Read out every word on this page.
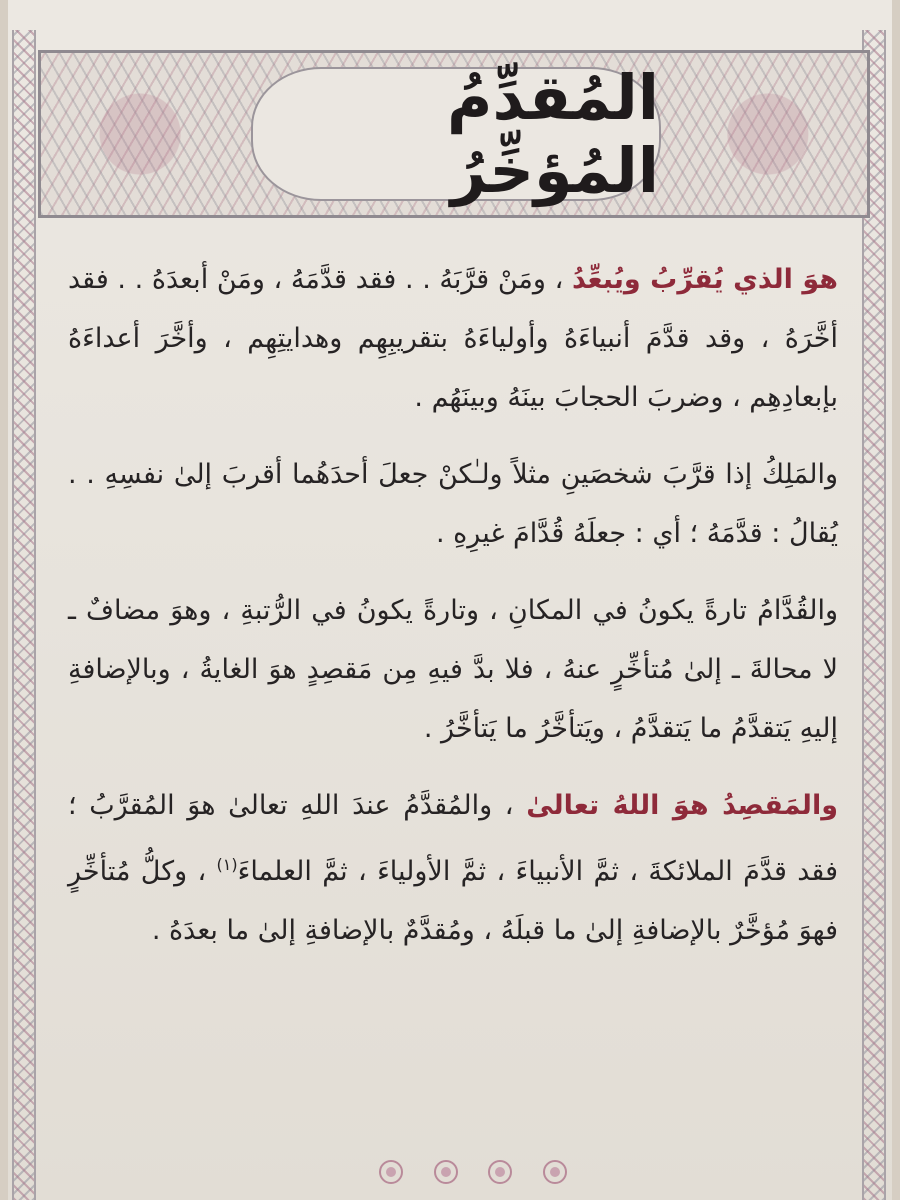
المُقدِّمُ المُؤخِّرُ

هوَ الذي يُقرِّبُ ويُبعِّدُ ، ومَنْ قرَّبَهُ . . فقد قدَّمَهُ ، ومَنْ أبعدَهُ . . فقد أخَّرَهُ ، وقد قدَّمَ أنبياءَهُ وأولياءَهُ بتقريبِهِم وهدايتِهِم ، وأخَّرَ أعداءَهُ بإبعادِهِم ، وضربَ الحجابَ بينَهُ وبينَهُم .

والمَلِكُ إذا قرَّبَ شخصَينِ مثلاً ولـٰكنْ جعلَ أحدَهُما أقربَ إلىٰ نفسِهِ . . يُقالُ : قدَّمَهُ ؛ أي : جعلَهُ قُدَّامَ غيرِهِ .

والقُدَّامُ تارةً يكونُ في المكانِ ، وتارةً يكونُ في الرُّتبةِ ، وهوَ مضافٌ ـ لا محالةَ ـ إلىٰ مُتأخِّرٍ عنهُ ، فلا بدَّ فيهِ مِن مَقصِدٍ هوَ الغايةُ ، وبالإضافةِ إليهِ يَتقدَّمُ ما يَتقدَّمُ ، ويَتأخَّرُ ما يَتأخَّرُ .

والمَقصِدُ هوَ اللهُ تعالىٰ ، والمُقدَّمُ عندَ اللهِ تعالىٰ هوَ المُقرَّبُ ؛ فقد قدَّمَ الملائكةَ ، ثمَّ الأنبياءَ ، ثمَّ الأولياءَ ، ثمَّ العلماءَ$^{(١)}$ ، وكلُّ مُتأخِّرٍ فهوَ مُؤخَّرٌ بالإضافةِ إلىٰ ما قبلَهُ ، ومُقدَّمٌ بالإضافةِ إلىٰ ما بعدَهُ .
